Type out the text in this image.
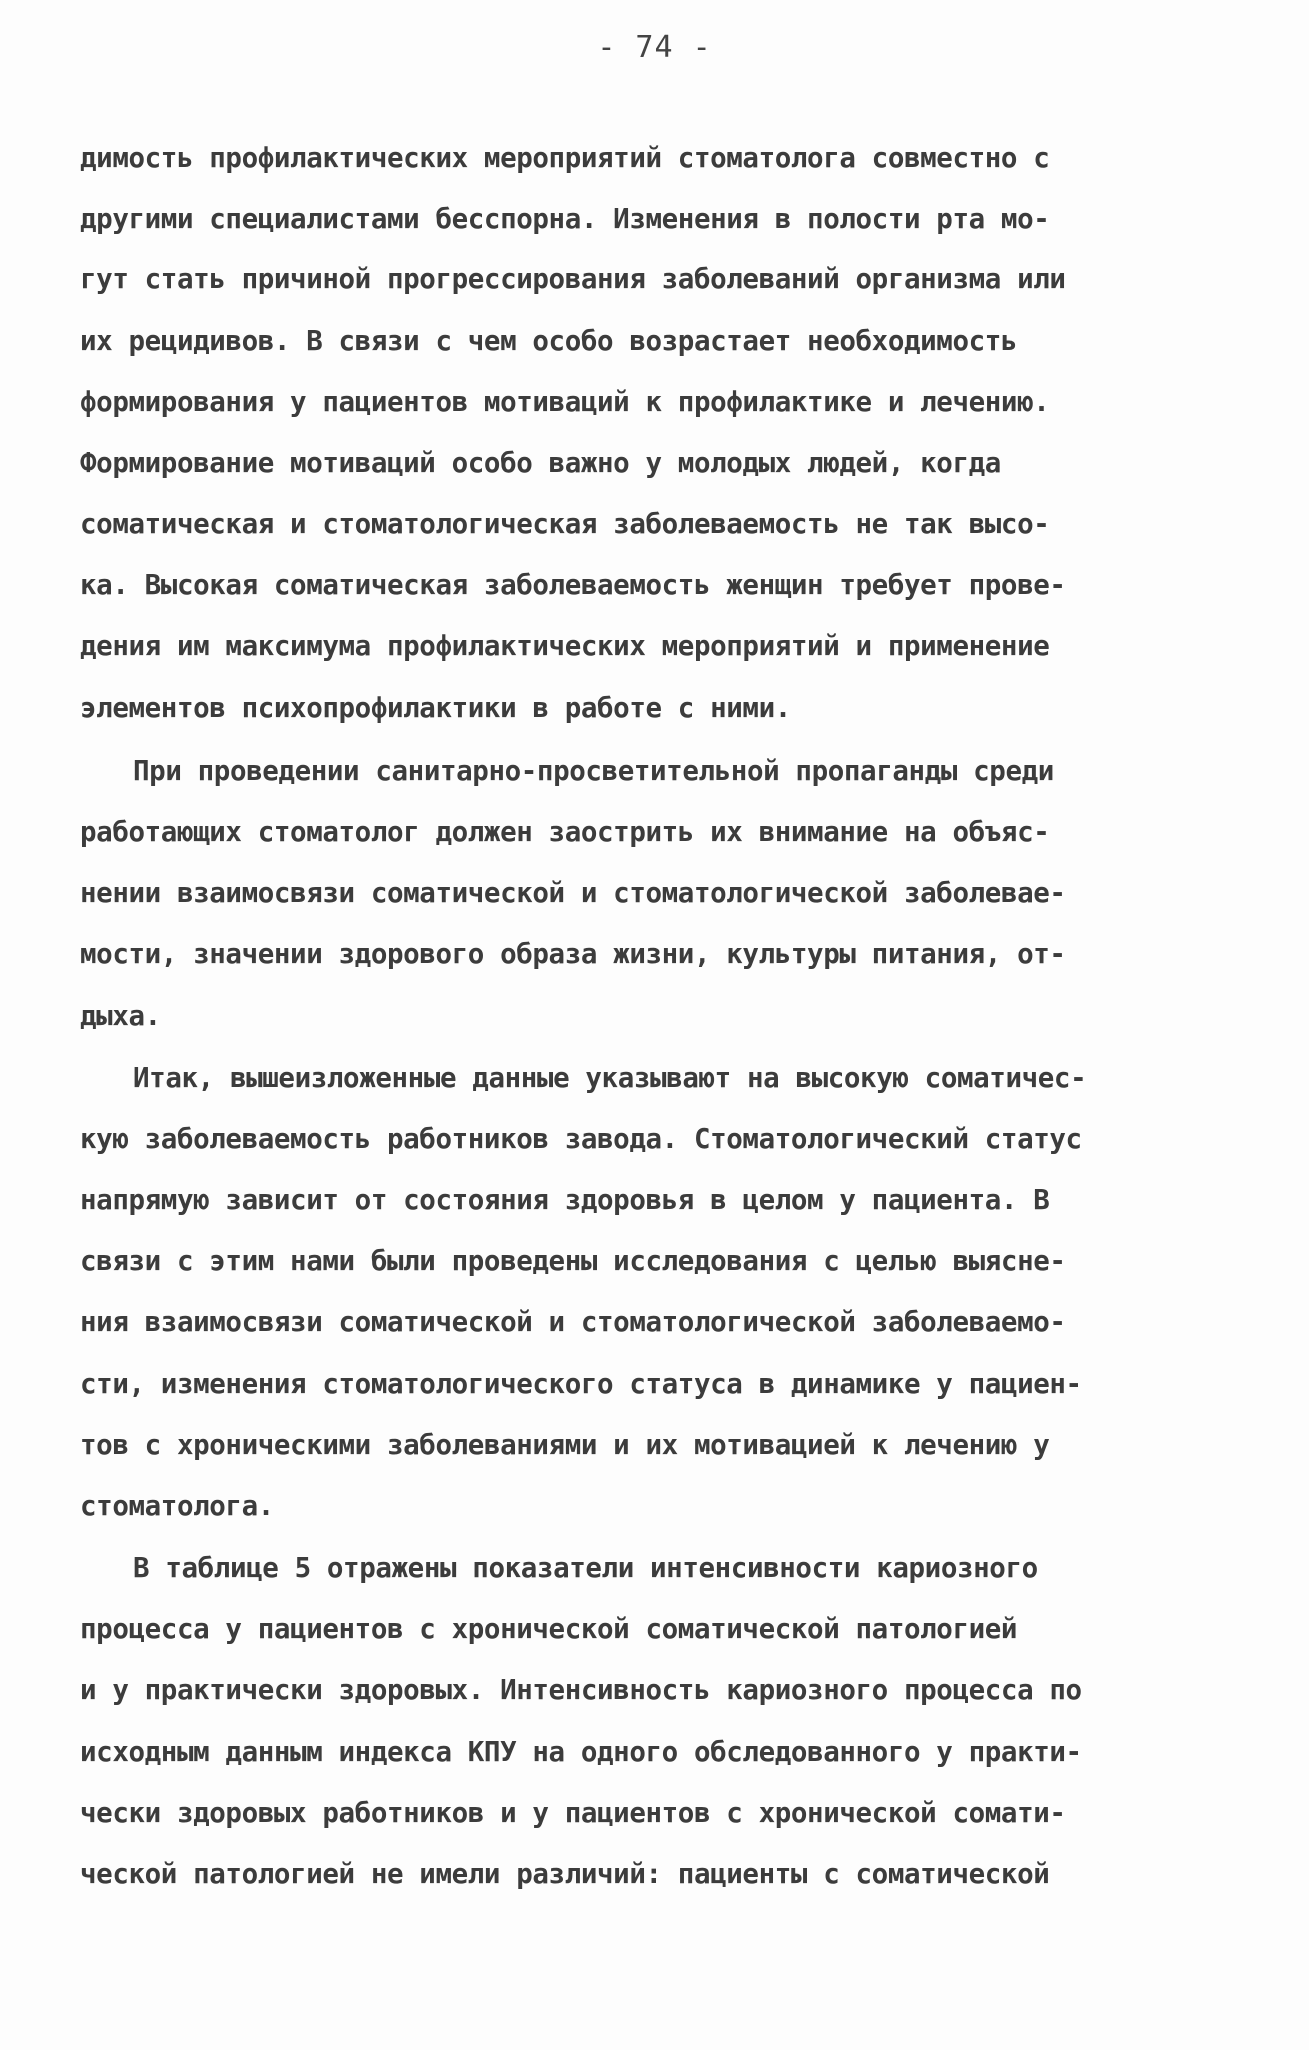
- 74 -
димость профилактических мероприятий стоматолога совместно с
другими специалистами бесспорна. Изменения в полости рта мо-
гут стать причиной прогрессирования заболеваний организма или
их рецидивов. В связи с чем особо возрастает необходимость
формирования у пациентов мотиваций к профилактике и лечению.
Формирование мотиваций особо важно у молодых людей, когда
соматическая и стоматологическая заболеваемость не так высо-
ка. Высокая соматическая заболеваемость женщин требует прове-
дения им максимума профилактических мероприятий и применение
элементов психопрофилактики в работе с ними.
При проведении санитарно-просветительной пропаганды среди
работающих стоматолог должен заострить их внимание на объяс-
нении взаимосвязи соматической и стоматологической заболевае-
мости, значении здорового образа жизни, культуры питания, от-
дыха.
Итак, вышеизложенные данные указывают на высокую соматичес-
кую заболеваемость работников завода. Стоматологический статус
напрямую зависит от состояния здоровья в целом у пациента. В
связи с этим нами были проведены исследования с целью выясне-
ния взаимосвязи соматической и стоматологической заболеваемо-
сти, изменения стоматологического статуса в динамике у пациен-
тов с хроническими заболеваниями и их мотивацией к лечению у
стоматолога.
В таблице 5 отражены показатели интенсивности кариозного
процесса у пациентов с хронической соматической патологией
и у практически здоровых. Интенсивность кариозного процесса по
исходным данным индекса КПУ на одного обследованного у практи-
чески здоровых работников и у пациентов с хронической сомати-
ческой патологией не имели различий: пациенты с соматической
